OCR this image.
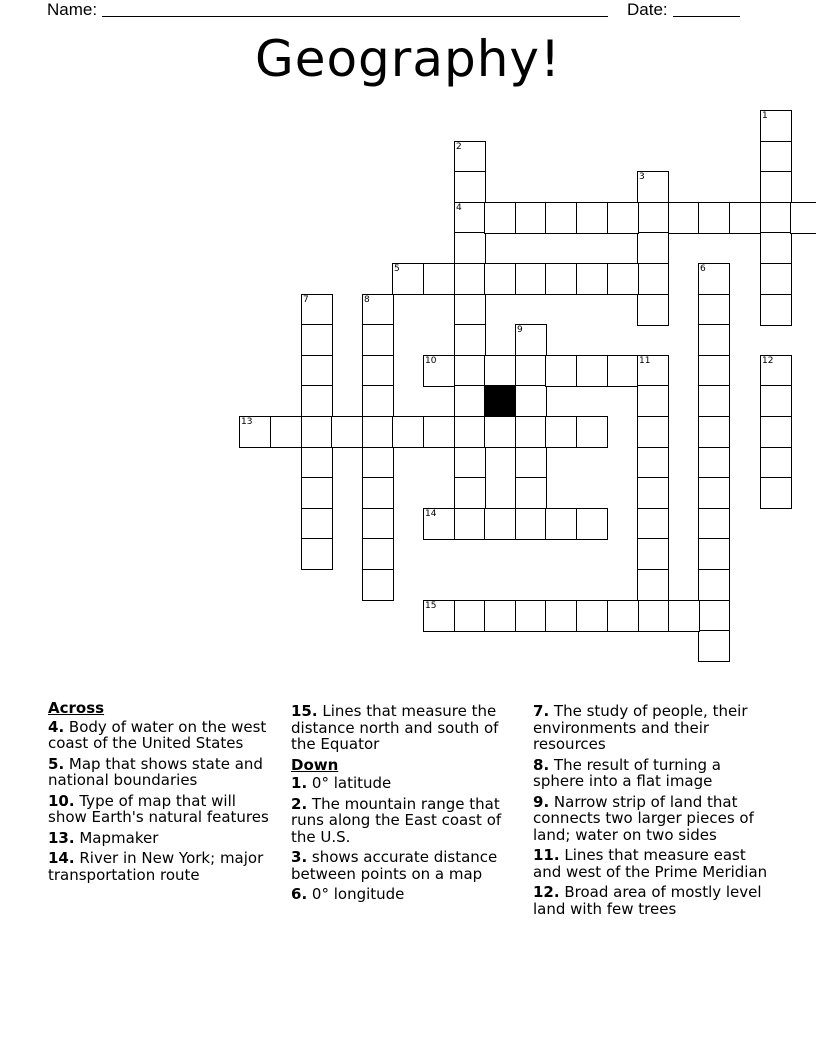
Name:	Date:
Geography!
1
2
4
3
5	6
7	8
9
10	11	12
13
14
15
Across
4. Body of water on the west coast of the United States
5. Map that shows state and national boundaries
10. Type of map that will show Earth's natural features
13. Mapmaker
14. River in New York; major transportation route
15. Lines that measure the distance north and south of the Equator
Down
1. 0° latitude
2. The mountain range that runs along the East coast of the U.S.
3. shows accurate distance between points on a map
6. 0° longitude
7. The study of people, their environments and their resources
8. The result of turning a sphere into a flat image
9. Narrow strip of land that connects two larger pieces of land; water on two sides
11. Lines that measure east and west of the Prime Meridian
12. Broad area of mostly level land with few trees
